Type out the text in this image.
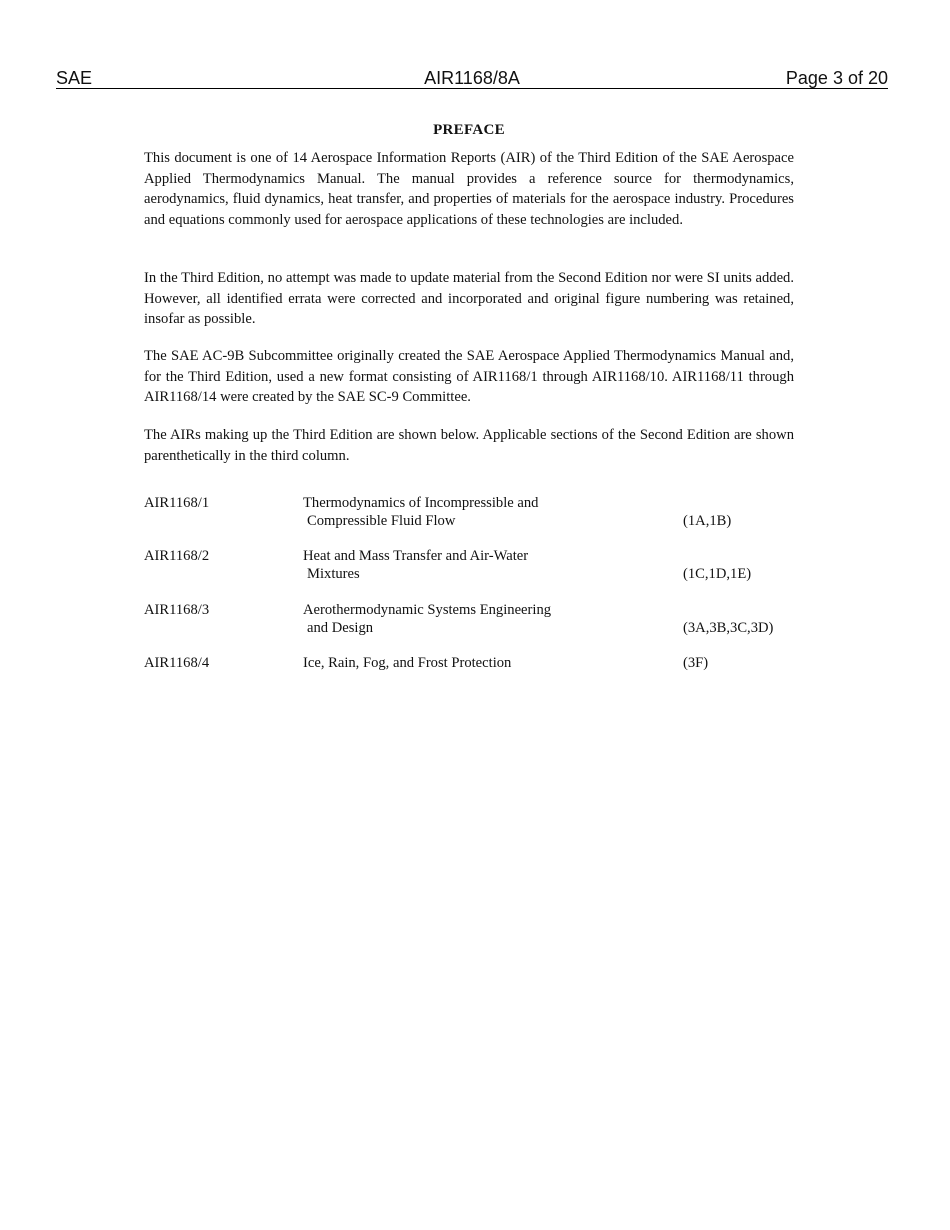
SAE	AIR1168/8A	Page 3 of 20
PREFACE

This document is one of 14 Aerospace Information Reports (AIR) of the Third Edition of the SAE Aerospace Applied Thermodynamics Manual. The manual provides a reference source for thermodynamics, aerodynamics, fluid dynamics, heat transfer, and properties of materials for the aerospace industry. Procedures and equations commonly used for aerospace applications of these technologies are included.

In the Third Edition, no attempt was made to update material from the Second Edition nor were SI units added. However, all identified errata were corrected and incorporated and original figure numbering was retained, insofar as possible.

The SAE AC-9B Subcommittee originally created the SAE Aerospace Applied Thermodynamics Manual and, for the Third Edition, used a new format consisting of AIR1168/1 through AIR1168/10. AIR1168/11 through AIR1168/14 were created by the SAE SC-9 Committee.

The AIRs making up the Third Edition are shown below. Applicable sections of the Second Edition are shown parenthetically in the third column.

AIR1168/1	Thermodynamics of Incompressible and
Compressible Fluid Flow	(1A,1B)
AIR1168/2	Heat and Mass Transfer and Air-Water
Mixtures	(1C,1D,1E)
AIR1168/3	Aerothermodynamic Systems Engineering
and Design	(3A,3B,3C,3D)
AIR1168/4	Ice, Rain, Fog, and Frost Protection	(3F)
